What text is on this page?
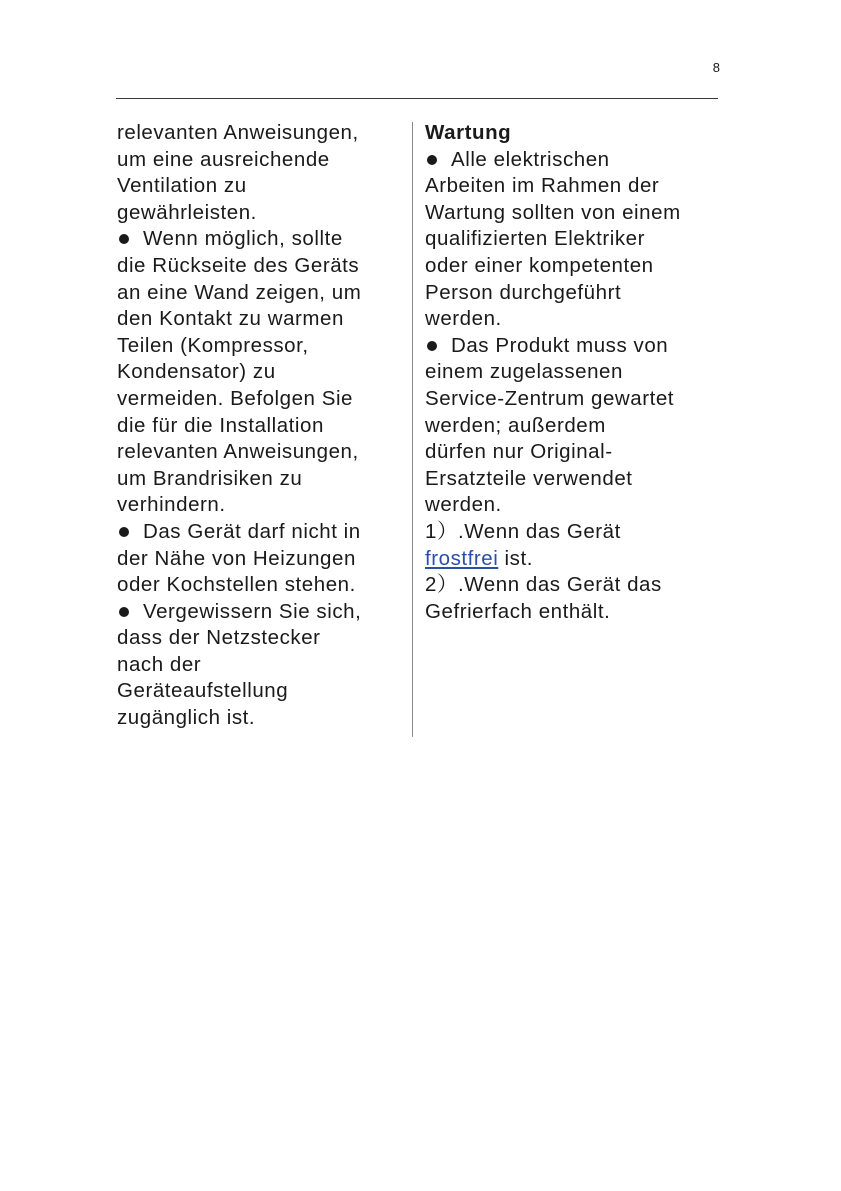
8

relevanten Anweisungen,

um eine ausreichende

Ventilation zu

gewährleisten.

Wenn möglich, sollte

die Rückseite des Geräts

an eine Wand zeigen, um

den Kontakt zu warmen

Teilen (Kompressor,

Kondensator) zu

vermeiden. Befolgen Sie

die für die Installation

relevanten Anweisungen,

um Brandrisiken zu

verhindern.

Das Gerät darf nicht in

der Nähe von Heizungen

oder Kochstellen stehen.

Vergewissern Sie sich,

dass der Netzstecker

nach der

Geräteaufstellung

zugänglich ist.

Wartung

Alle elektrischen

Arbeiten im Rahmen der

Wartung sollten von einem

qualifizierten Elektriker

oder einer kompetenten

Person durchgeführt

werden.

Das Produkt muss von

einem zugelassenen

Service-Zentrum gewartet

werden; außerdem

dürfen nur Original-

Ersatzteile verwendet

werden.

1）.Wenn das Gerät

frostfrei ist.

2）.Wenn das Gerät das

Gefrierfach enthält.
